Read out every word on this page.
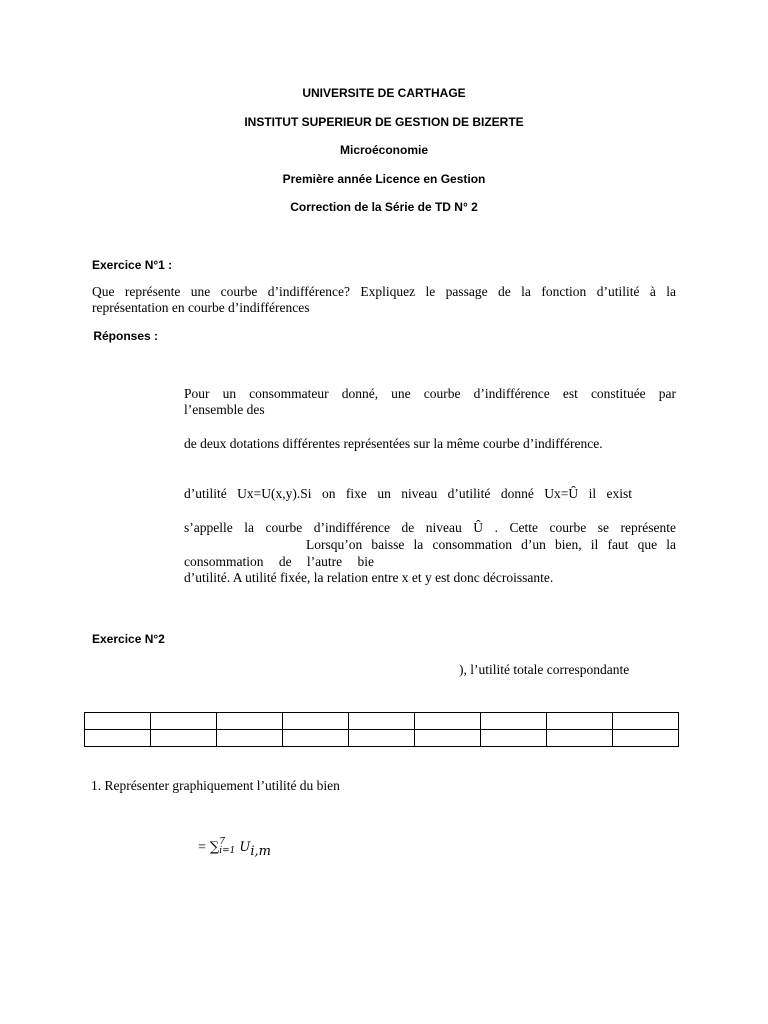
UNIVERSITE DE CARTHAGE
INSTITUT SUPERIEUR DE GESTION DE BIZERTE
Microéconomie
Première année Licence en Gestion
Correction de la Série de TD N° 2
Exercice N°1 :
Que représente une courbe d’indifférence? Expliquez le passage de la fonction d’utilité à la
représentation en courbe d’indifférences
Réponses :
Pour un consommateur donné, une courbe d’indifférence est constituée par
l’ensemble des
de deux dotations différentes représentées sur la même courbe d’indifférence.
d’utilité Ux=U(x,y).Si on fixe un niveau d’utilité donné Ux=Û il exist
s’appelle la courbe d’indifférence de niveau Û . Cette courbe se représente
Lorsqu’on baisse la consommation d’un bien, il faut que la
consommation de l’autre bie
d’utilité. A utilité fixée, la relation entre x et y est donc décroissante.
Exercice N°2
), l’utilité totale correspondante

1. Représenter graphiquement l’utilité du bien
= ∑ 7
i=1 $U_{i,m}$
